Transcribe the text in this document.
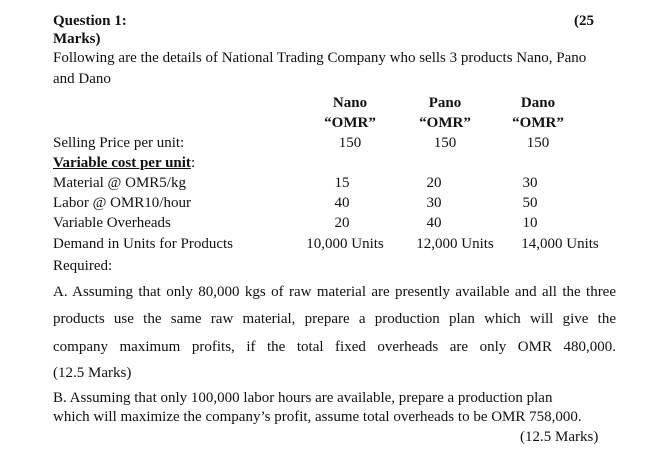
Question 1:	(25
Marks)
Following are the details of National Trading Company who sells 3 products Nano, Pano
and Dano
Nano	Pano	Dano
“OMR”	“OMR”	“OMR”
Selling Price per unit:	150	150	150
Variable cost per unit:
Material @ OMR5/kg	15	20	30
Labor @ OMR10/hour	40	30	50
Variable Overheads	20	40	10
Demand in Units for Products	10,000 Units	12,000 Units	14,000 Units
Required:
A. Assuming that only 80,000 kgs of raw material are presently available and all the three
products use the same raw material, prepare a production plan which will give the
company maximum profits, if the total fixed overheads are only OMR 480,000.
(12.5 Marks)
B. Assuming that only 100,000 labor hours are available, prepare a production plan
which will maximize the company’s profit, assume total overheads to be OMR 758,000.
(12.5 Marks)
